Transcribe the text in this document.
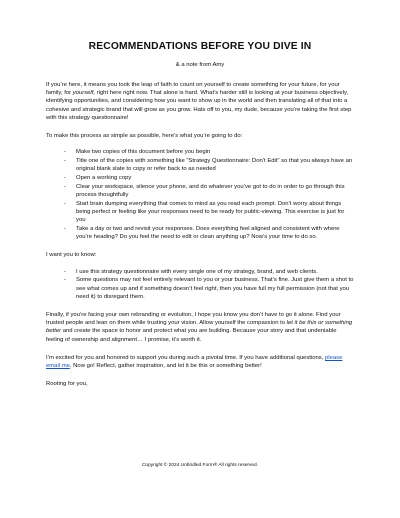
RECOMMENDATIONS BEFORE YOU DIVE IN
& a note from Amy

If you’re here, it means you took the leap of faith to count on yourself to create something for your future, for your family, for yourself, right here right now. That alone is hard. What’s harder still is looking at your business objectively, identifying opportunities, and considering how you want to show up in the world and then translating all of that into a cohesive and strategic brand that will grow as you grow. Hats off to you, my dude, because you’re taking the first step with this strategy questionnaire!

To make this process as simple as possible, here’s what you’re going to do:

- Make two copies of this document before you begin
- Title one of the copies with something like “Strategy Questionnaire: Don’t Edit” so that you always have an original blank slate to copy or refer back to as needed
- Open a working copy
- Clear your workspace, silence your phone, and do whatever you’ve got to do in order to go through this process thoughtfully
- Start brain dumping everything that comes to mind as you read each prompt. Don’t worry about things being perfect or feeling like your responses need to be ready for public-viewing. This exercise is just for you
- Take a day or two and revisit your responses. Does everything feel aligned and consistent with where you’re heading? Do you feel the need to edit or clean anything up? Now’s your time to do so.

I want you to know:

- I use this strategy questionnaire with every single one of my strategy, brand, and web clients.
- Some questions may not feel entirely relevant to you or your business. That’s fine. Just give them a shot to see what comes up and if something doesn’t feel right, then you have full my full permission (not that you need it) to disregard them.

Finally, if you’re facing your own rebranding or evolution, I hope you know you don’t have to go it alone. Find your trusted people and lean on them while trusting your vision. Allow yourself the compassion to let it be this or something better and create the space to honor and protect what you are building. Because your story and that undeniable feeling of ownership and alignment… I promise, it’s worth it.

I’m excited for you and honored to support you during such a pivotal time. If you have additional questions, please email me. Now go! Reflect, gather inspiration, and let it be this or something better!

Rooting for you,

Copyright © 2024 Unbridled Form® All rights reserved.
